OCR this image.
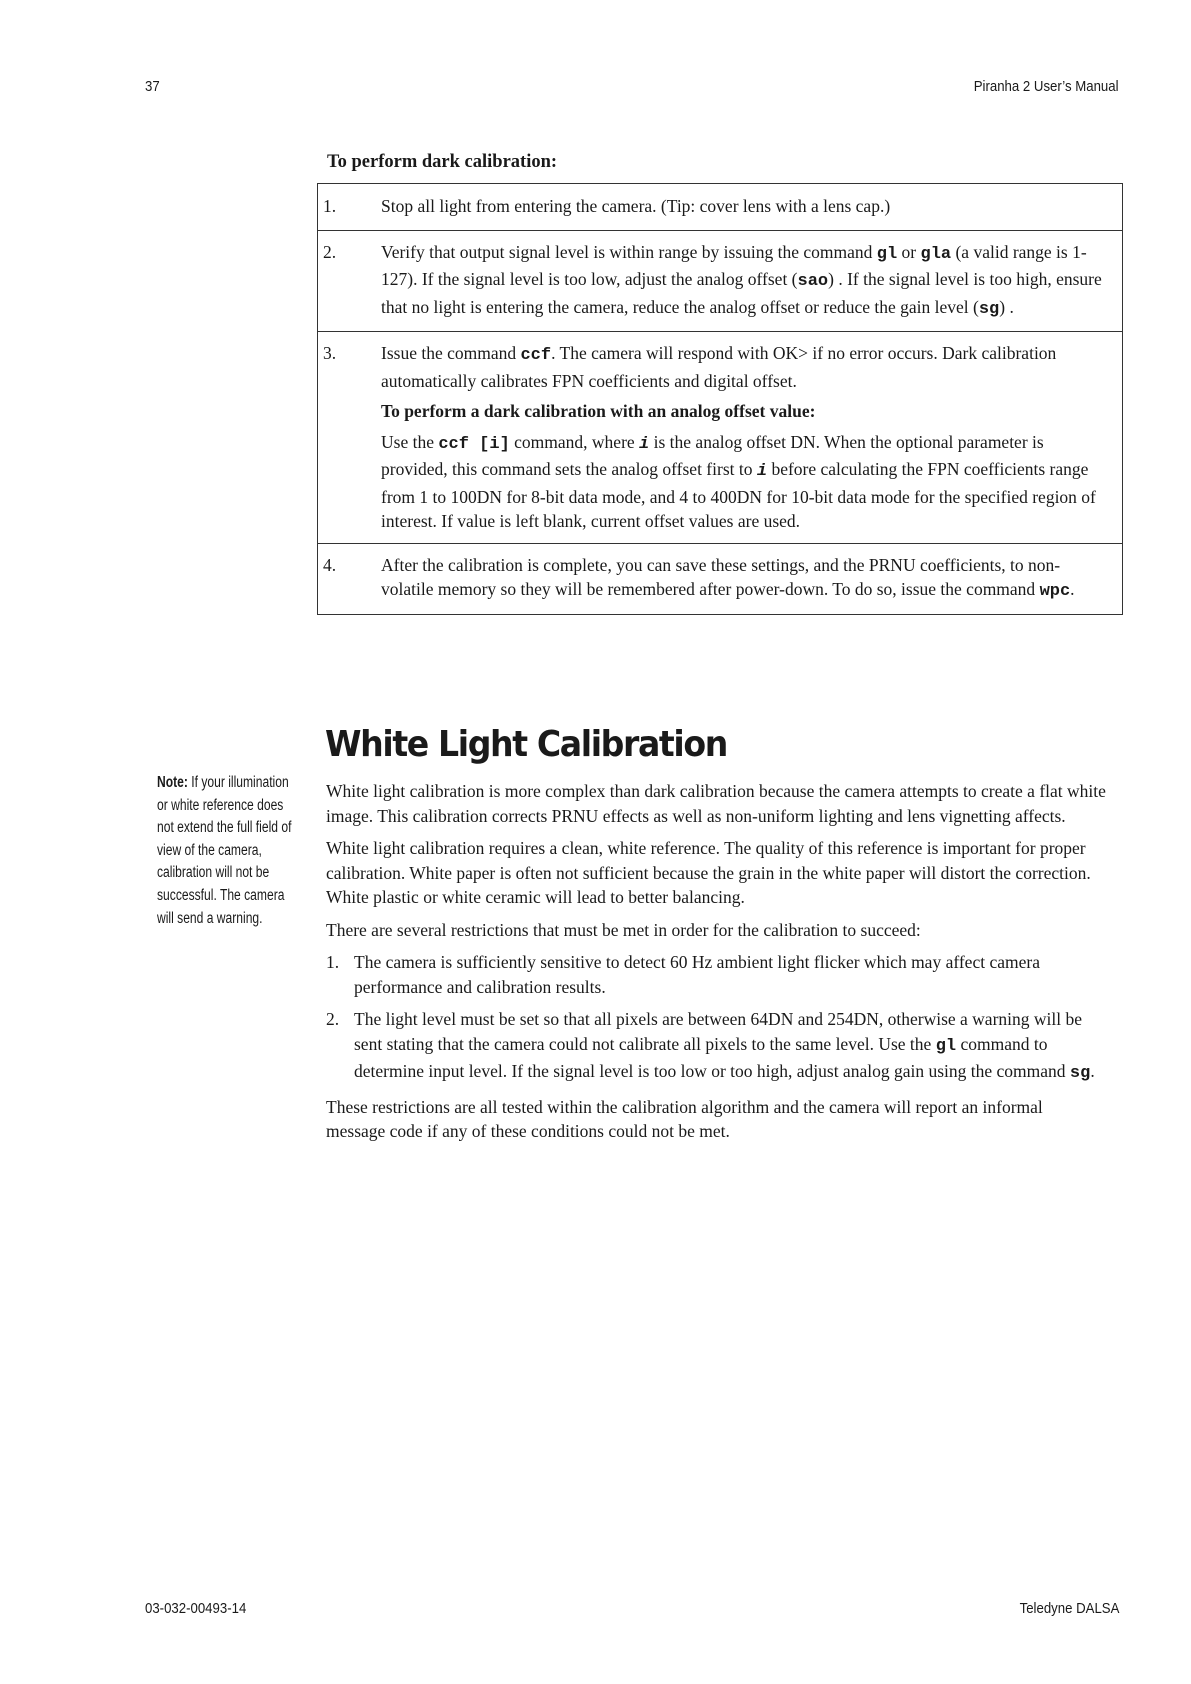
37	Piranha 2 User’s Manual
To perform dark calibration:
1.	Stop all light from entering the camera. (Tip: cover lens with a lens cap.)

2.	Verify that output signal level is within range by issuing the command gl or gla (a valid range is 1-127). If the signal level is too low, adjust the analog offset (sao) . If the signal level is too high, ensure that no light is entering the camera, reduce the analog offset or reduce the gain level (sg) .

3.	Issue the command ccf. The camera will respond with OK> if no error occurs. Dark calibration automatically calibrates FPN coefficients and digital offset.

To perform a dark calibration with an analog offset value:

Use the ccf [i] command, where i is the analog offset DN. When the optional parameter is provided, this command sets the analog offset first to i before calculating the FPN coefficients range from 1 to 100DN for 8-bit data mode, and 4 to 400DN for 10-bit data mode for the specified region of interest. If value is left blank, current offset values are used.

4.	After the calibration is complete, you can save these settings, and the PRNU coefficients, to non-volatile memory so they will be remembered after power-down. To do so, issue the command wpc.

White Light Calibration
Note: If your illumination or white reference does not extend the full field of view of the camera, calibration will not be successful. The camera will send a warning.

White light calibration is more complex than dark calibration because the camera attempts to create a flat white image. This calibration corrects PRNU effects as well as non-uniform lighting and lens vignetting affects.

White light calibration requires a clean, white reference. The quality of this reference is important for proper calibration. White paper is often not sufficient because the grain in the white paper will distort the correction. White plastic or white ceramic will lead to better balancing.

There are several restrictions that must be met in order for the calibration to succeed:

1. The camera is sufficiently sensitive to detect 60 Hz ambient light flicker which may affect camera performance and calibration results.
2. The light level must be set so that all pixels are between 64DN and 254DN, otherwise a warning will be sent stating that the camera could not calibrate all pixels to the same level. Use the gl command to determine input level. If the signal level is too low or too high, adjust analog gain using the command sg.

These restrictions are all tested within the calibration algorithm and the camera will report an informal message code if any of these conditions could not be met.

03-032-00493-14	Teledyne DALSA
